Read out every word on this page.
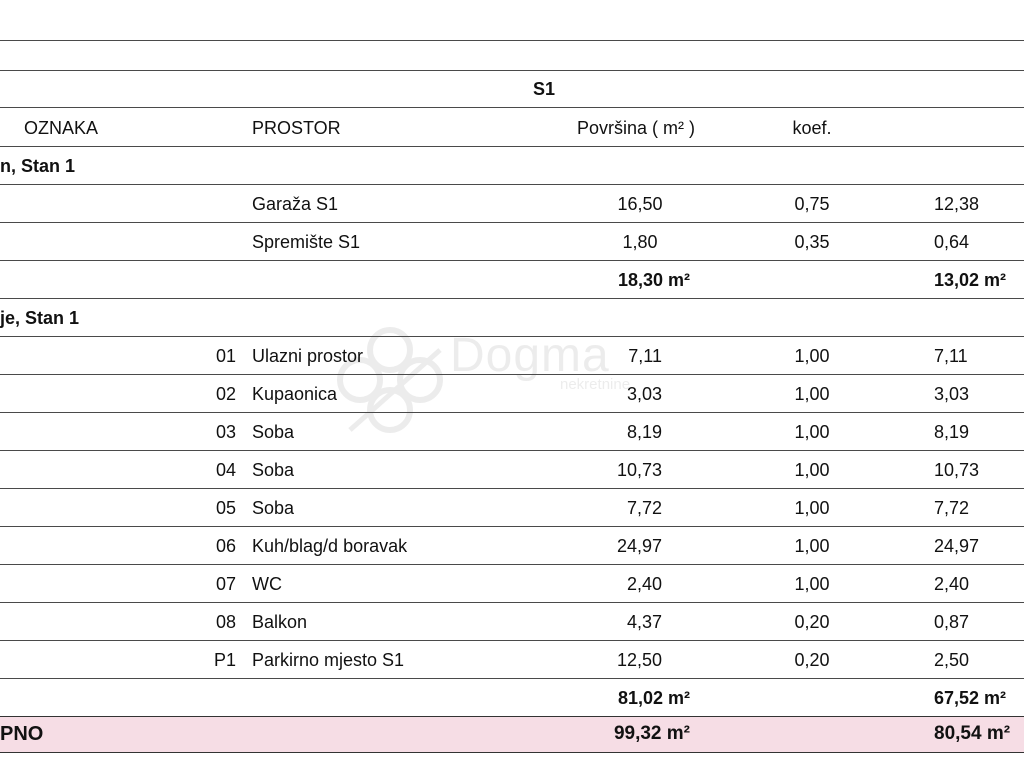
Dogma
nekretnine
S1
OZNAKA	PROSTOR	Površina ( m² )	koef.
n, Stan 1
Garaža S1	16,50	0,75	12,38
Spremište S1	1,80	0,35	0,64
18,30 m²	13,02 m²
je, Stan 1
01 Ulazni prostor	7,11	1,00	7,11
02 Kupaonica	3,03	1,00	3,03
03 Soba	8,19	1,00	8,19
04 Soba	10,73	1,00	10,73
05 Soba	7,72	1,00	7,72
06 Kuh/blag/d boravak	24,97	1,00	24,97
07 WC	2,40	1,00	2,40
08 Balkon	4,37	0,20	0,87
P1 Parkirno mjesto S1	12,50	0,20	2,50
81,02 m²	67,52 m²
PNO	99,32 m²	80,54 m²
